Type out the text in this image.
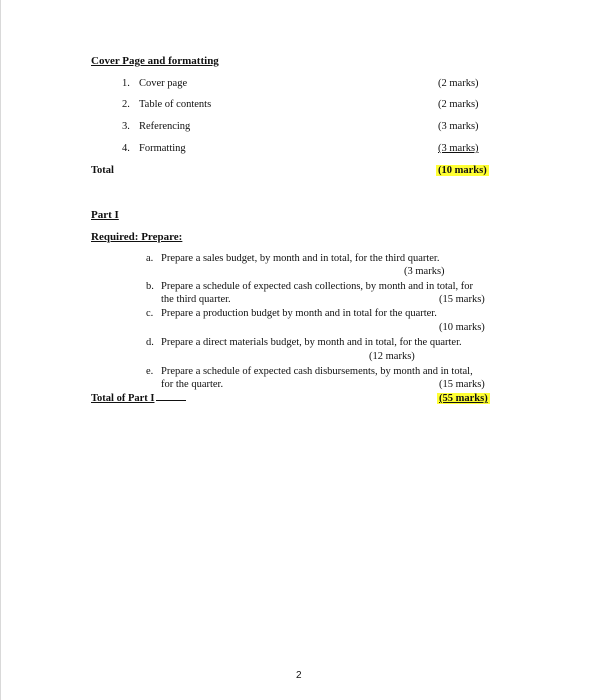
Cover Page and formatting
1. Cover page	(2 marks)
2. Table of contents	(2 marks)
3. Referencing	(3 marks)
4. Formatting	(3 marks)
Total	(10 marks)
Part I
Required: Prepare:
a. Prepare a sales budget, by month and in total, for the third quarter.
(3 marks)
b. Prepare a schedule of expected cash collections, by month and in total, for
the third quarter.	(15 marks)
c. Prepare a production budget by month and in total for the quarter.
(10 marks)
d. Prepare a direct materials budget, by month and in total, for the quarter.
(12 marks)
e. Prepare a schedule of expected cash disbursements, by month and in total,
for the quarter.	(15 marks)
Total of Part I	(55 marks)
2
